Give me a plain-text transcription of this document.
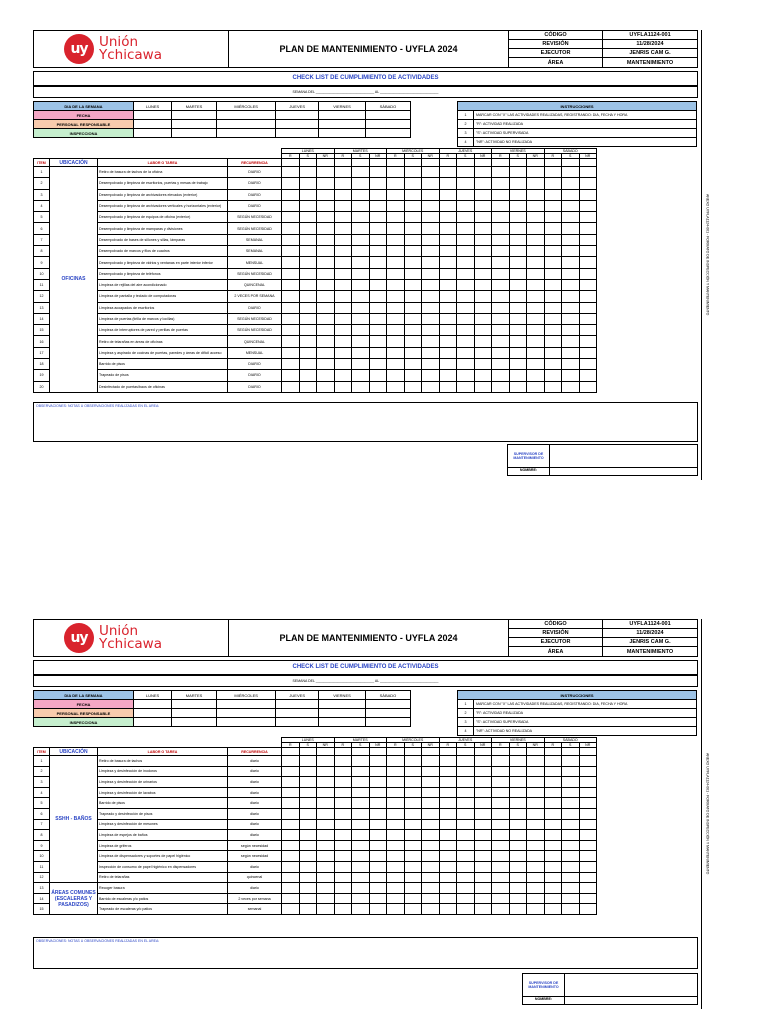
uy Unión
Ychicawa	PLAN DE MANTENIMIENTO - UYFLA 2024
CÓDIGO	UYFLA1124-001
REVISIÓN	11/28/2024
EJECUTOR	JENRIS CAM G.
ÁREA	MANTENIMIENTO
CHECK LIST DE CUMPLIMIENTO DE ACTIVIDADES
SEMANA DEL ______________________________ AL ______________________________
DIA DE LA SEMANA	LUNES	MARTES	MIÉRCOLES	JUEVES	VIERNES	SÁBADO
FECHA						
PERSONAL RESPONSABLE						
INSPECCIONA						
INSTRUCCIONES	
1	MARCAR CON "X" LAS ACTIVIDADES REALIZADAS, REGISTRANDO: DIA, FECHA Y HORA
2	"R": ACTIVIDAD REALIZADA
3	"S": ACTIVIDAD SUPERVISADA
4	"NR": ACTIVIDAD NO REALIZADA
				LUNES			MARTES			MIÉRCOLES			JUEVES			VIERNES			SÁBADO		
				R	S	NR	R	S	NR	R	S	NR	R	S	NR	R	S	NR	R	S	NR
ITEM	UBICACIÓN	LABOR O TAREA	RECURRENCIA																		
1	OFICINAS	Retiro de basura de tachos de la oficina	DIARIO																		
2		Desempolvado y limpieza de escritorios, puertas y mesas de trabajo	DIARIO																		
3		Desempolvado y limpieza de archivadores elevados (exterior)	DIARIO																		
4		Desempolvado y limpieza de archivadores verticales y horizontales (exterior)	DIARIO																		
5		Desempolvado y limpieza de equipos de oficina (exterior)	SEGÚN NECESIDAD																		
6		Desempolvado y limpieza de mamparas y divisiones	SEGÚN NECESIDAD																		
7		Desempolvado de bases de sillones y sillas, lámparas	SEMANAL																		
8		Desempolvado de marcos y filos de cuadros	SEMANAL																		
9		Desempolvado y limpieza de vidrios y ventanas en parte interior inferior	MENSUAL																		
10		Desempolvado y limpieza de teléfonos	SEGÚN NECESIDAD																		
11		Limpieza de rejillas del aire acondicionado	QUINCENAL																		
12		Limpieza de pantalla y teclado de computadoras	2 VECES POR SEMANA																		
13		Limpieza acoapados de escritorios	DIARIO																		
14		Limpieza de puertas (tirilla de marcos y locillas)	SEGÚN NECESIDAD																		
15		Limpieza de interruptores de pared y perillas de puertas	SEGÚN NECESIDAD																		
16		Retiro de telarañas en áreas de oficinas	QUINCENAL																		
17		Limpieza y aspirado de cocinas de puertas, paredes y áreas de difícil acceso	MENSUAL																		
18		Barrido de pisos	DIARIO																		
19		Trapeado de pisos	DIARIO																		
20		Desinfectado de puertas/baos de oficinas	DIARIO																		
OBSERVACIONES: NOTAS U OBSERVACIONES REALIZADAS EN EL AREA:
SUPERVISOR DE MANTENIMIENTO
NOMBRE:
ANEXO UYFLA1124-001 - FORMATO DE INSPECCIÓN Y MANTENIMIENTO
uy Unión
Ychicawa	PLAN DE MANTENIMIENTO - UYFLA 2024
CÓDIGO	UYFLA1124-001
REVISIÓN	11/28/2024
EJECUTOR	JENRIS CAM G.
ÁREA	MANTENIMIENTO
CHECK LIST DE CUMPLIMIENTO DE ACTIVIDADES
SEMANA DEL ______________________________ AL ______________________________
DIA DE LA SEMANA	LUNES	MARTES	MIÉRCOLES	JUEVES	VIERNES	SÁBADO
FECHA						
PERSONAL RESPONSABLE						
INSPECCIONA						
INSTRUCCIONES	
1	MARCAR CON "X" LAS ACTIVIDADES REALIZADAS, REGISTRANDO: DIA, FECHA Y HORA
2	"R": ACTIVIDAD REALIZADA
3	"S": ACTIVIDAD SUPERVISADA
4	"NR": ACTIVIDAD NO REALIZADA
				LUNES			MARTES			MIÉRCOLES			JUEVES			VIERNES			SÁBADO		
				R	S	NR	R	S	NR	R	S	NR	R	S	NR	R	S	NR	R	S	NR
ITEM	UBICACIÓN	LABOR O TAREA	RECURRENCIA																		
1	SSHH - BAÑOS	Retiro de basura de tachos	diario																		
2		Limpieza y desinfección de inodoros	diario																		
3		Limpieza y desinfección de urinarios	diario																		
4		Limpieza y desinfección de lavabos	diario																		
5		Barrido de pisos	diario																		
6		Trapeado y desinfección de pisos	diario																		
7		Limpieza y desinfección de mesones	diario																		
8		Limpieza de espejos de baños	diario																		
9		Limpieza de griferos	según necesidad																		
10		Limpieza de dispensadores y soportes de papel higiénico	según necesidad																		
11		Inspección de consumo de papel higiénico en dispensadores	diario																		
12		Retiro de telarañas	quincenal																		
13	ÁREAS COMUNES (ESCALERAS Y PASADIZOS)	Recoger basura	diario																		
14		Barrido de escaleras y/o patios	2 veces por semana																		
15		Trapeado de escaleras y/o patios	semanal																		
OBSERVACIONES: NOTAS U OBSERVACIONES REALIZADAS EN EL AREA:
SUPERVISOR DE MANTENIMIENTO
NOMBRE:
ANEXO UYFLA1124-001 - FORMATO DE INSPECCIÓN Y MANTENIMIENTO
